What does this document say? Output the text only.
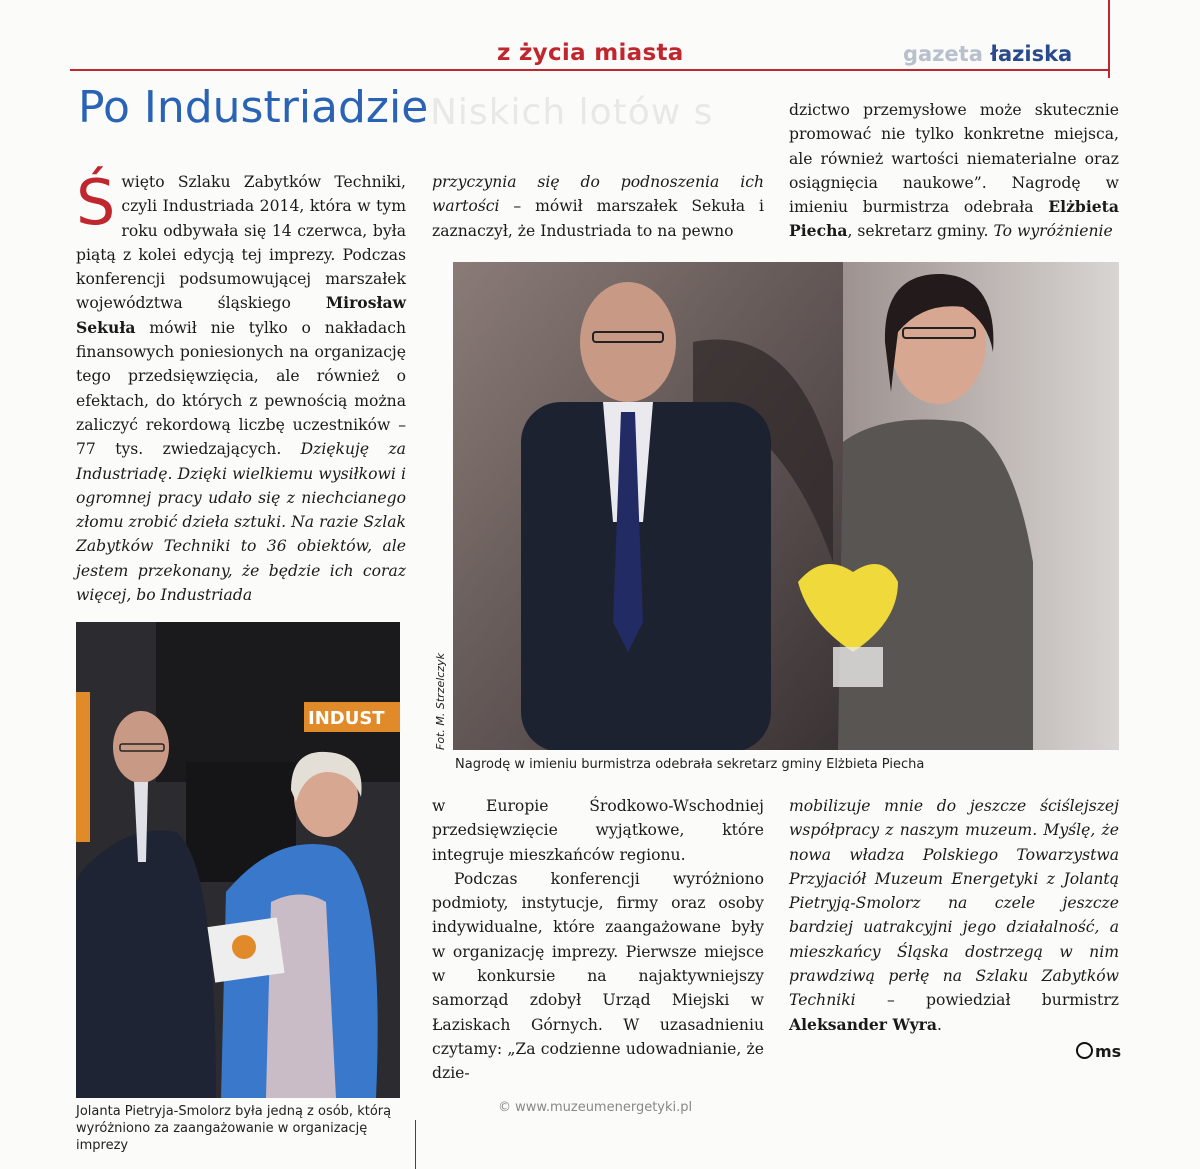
z życia miasta	gazeta łaziska
Niskich lotów s
Po Industriadzie

Święto Szlaku Zabytków Techniki, czyli Industriada 2014, która w tym roku odbywała się 14 czerwca, była piątą z kolei edycją tej imprezy. Podczas konferencji podsumowującej marszałek województwa śląskiego Mirosław Sekuła mówił nie tylko o nakładach finansowych poniesionych na organizację tego przedsięwzięcia, ale również o efektach, do których z pewnością można zaliczyć rekordową liczbę uczestników – 77 tys. zwiedzających. Dziękuję za Industriadę. Dzięki wielkiemu wysiłkowi i ogromnej pracy udało się z niechcianego złomu zrobić dzieła sztuki. Na razie Szlak Zabytków Techniki to 36 obiektów, ale jestem przekonany, że będzie ich coraz więcej, bo Industriada

przyczynia się do podnoszenia ich wartości – mówił marszałek Sekuła i zaznaczył, że Industriada to na pewno

dzictwo przemysłowe może skutecznie promować nie tylko konkretne miejsca, ale również wartości niematerialne oraz osiągnięcia naukowe”. Nagrodę w imieniu burmistrza odebrała Elżbieta Piecha, sekretarz gminy. To wyróżnienie

Fot. M. Strzelczyk
Nagrodę w imieniu burmistrza odebrała sekretarz gminy Elżbieta Piecha
INDUST
Jolanta Pietryja-Smolorz była jedną z osób, którą wyróżniono za zaangażowanie w organizację imprezy

w Europie Środkowo-Wschodniej przedsięwzięcie wyjątkowe, które integruje mieszkańców regionu.

Podczas konferencji wyróżniono podmioty, instytucje, firmy oraz osoby indywidualne, które zaangażowane były w organizację imprezy. Pierwsze miejsce w konkursie na najaktywniejszy samorząd zdobył Urząd Miejski w Łaziskach Górnych. W uzasadnieniu czytamy: „Za codzienne udowadnianie, że dzie-

mobilizuje mnie do jeszcze ściślejszej współpracy z naszym muzeum. Myślę, że nowa władza Polskiego Towarzystwa Przyjaciół Muzeum Energetyki z Jolantą Pietryją-Smolorz na czele jeszcze bardziej uatrakcyjni jego działalność, a mieszkańcy Śląska dostrzegą w nim prawdziwą perłę na Szlaku Zabytków Techniki – powiedział burmistrz Aleksander Wyra.

ms
© www.muzeumenergetyki.pl
